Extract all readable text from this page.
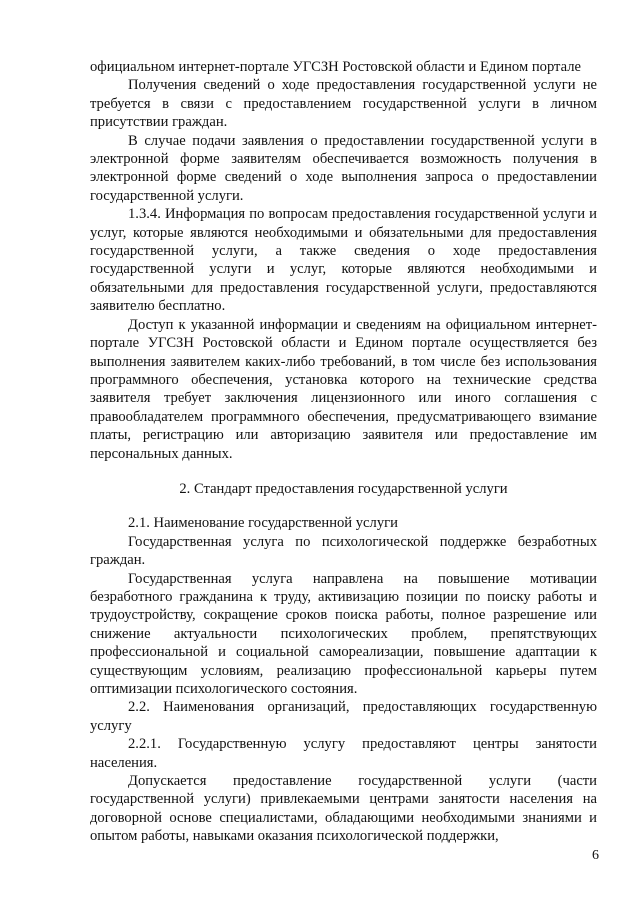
официальном интернет-портале УГСЗН Ростовской области и Едином портале

Получения сведений о ходе предоставления государственной услуги не требуется в связи с предоставлением государственной услуги в личном присутствии граждан.

В случае подачи заявления о предоставлении государственной услуги в электронной форме заявителям обеспечивается возможность получения в электронной форме сведений о ходе выполнения запроса о предоставлении государственной услуги.

1.3.4. Информация по вопросам предоставления государственной услуги и услуг, которые являются необходимыми и обязательными для предоставления государственной услуги, а также сведения о ходе предоставления государственной услуги и услуг, которые являются необходимыми и обязательными для предоставления государственной услуги, предоставляются заявителю бесплатно.

Доступ к указанной информации и сведениям на официальном интернет-портале УГСЗН Ростовской области и Едином портале осуществляется без выполнения заявителем каких-либо требований, в том числе без использования программного обеспечения, установка которого на технические средства заявителя требует заключения лицензионного или иного соглашения с правообладателем программного обеспечения, предусматривающего взимание платы, регистрацию или авторизацию заявителя или предоставление им персональных данных.

2. Стандарт предоставления государственной услуги

2.1. Наименование государственной услуги

Государственная услуга по психологической поддержке безработных граждан.

Государственная услуга направлена на повышение мотивации безработного гражданина к труду, активизацию позиции по поиску работы и трудоустройству, сокращение сроков поиска работы, полное разрешение или снижение актуальности психологических проблем, препятствующих профессиональной и социальной самореализации, повышение адаптации к существующим условиям, реализацию профессиональной карьеры путем оптимизации психологического состояния.

2.2. Наименования организаций, предоставляющих государственную услугу

2.2.1. Государственную услугу предоставляют центры занятости населения.

Допускается предоставление государственной услуги (части государственной услуги) привлекаемыми центрами занятости населения на договорной основе специалистами, обладающими необходимыми знаниями и опытом работы, навыками оказания психологической поддержки,

6
